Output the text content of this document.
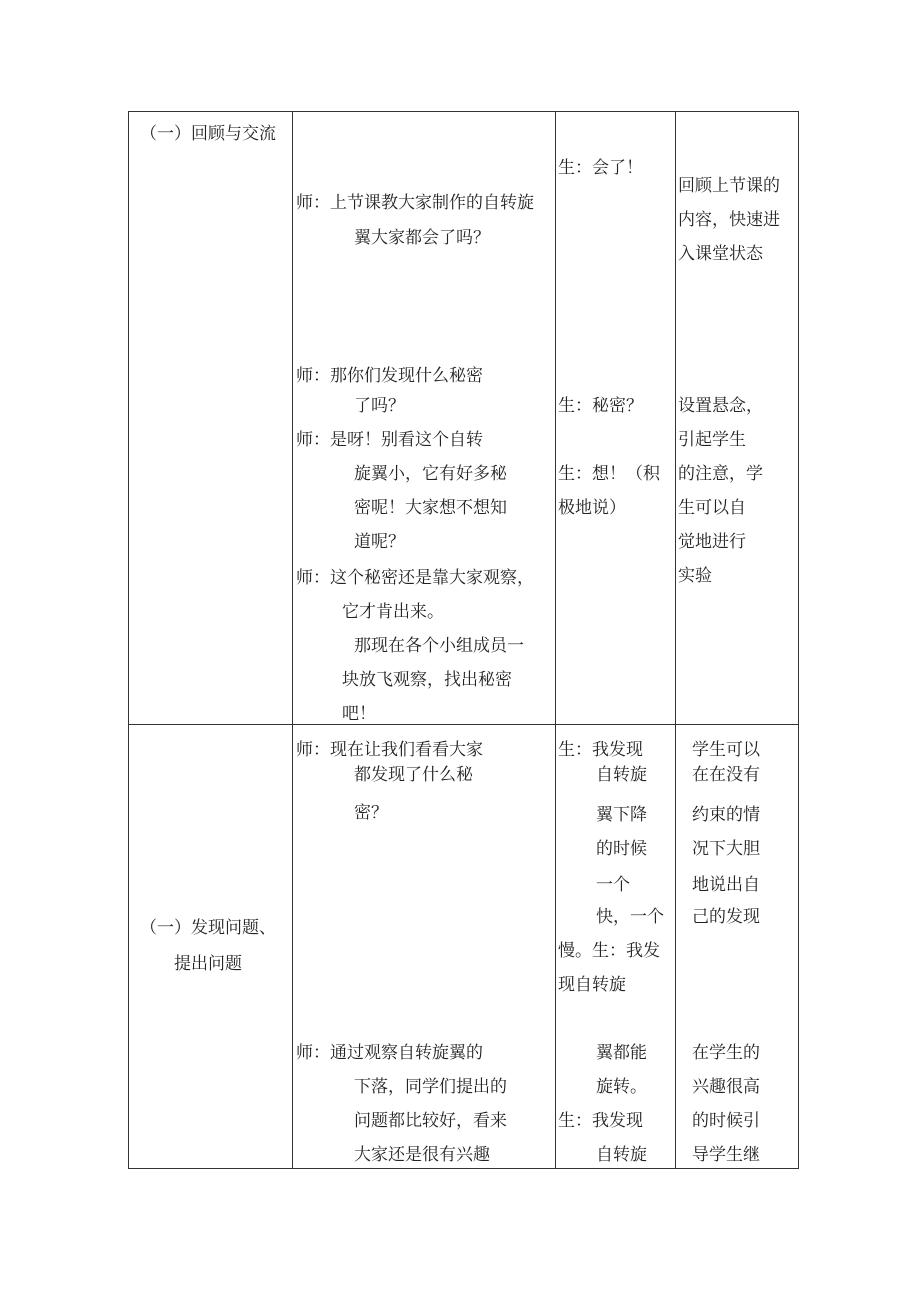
（一）回顾与交流
师：上节课教大家制作的自转旋
翼大家都会了吗？
师：那你们发现什么秘密
了吗？
师：是呀！别看这个自转
旋翼小，它有好多秘
密呢！大家想不想知
道呢？
师：这个秘密还是靠大家观察，
它才肯出来。
那现在各个小组成员一
块放飞观察，找出秘密
吧！
生：会了！
生：秘密？
生：想！（积
极地说）
回顾上节课的
内容，快速进
入课堂状态
设置悬念，
引起学生
的注意，学
生可以自
觉地进行
实验
（一）发现问题、
提出问题
师：现在让我们看看大家
都发现了什么秘
密？
师：通过观察自转旋翼的
下落，同学们提出的
问题都比较好，看来
大家还是很有兴趣
生：我发现
自转旋
翼下降
的时候
一个
快，一个
慢。生：我发
现自转旋
翼都能
旋转。
生：我发现
自转旋
学生可以
在在没有
约束的情
况下大胆
地说出自
己的发现
在学生的
兴趣很高
的时候引
导学生继
